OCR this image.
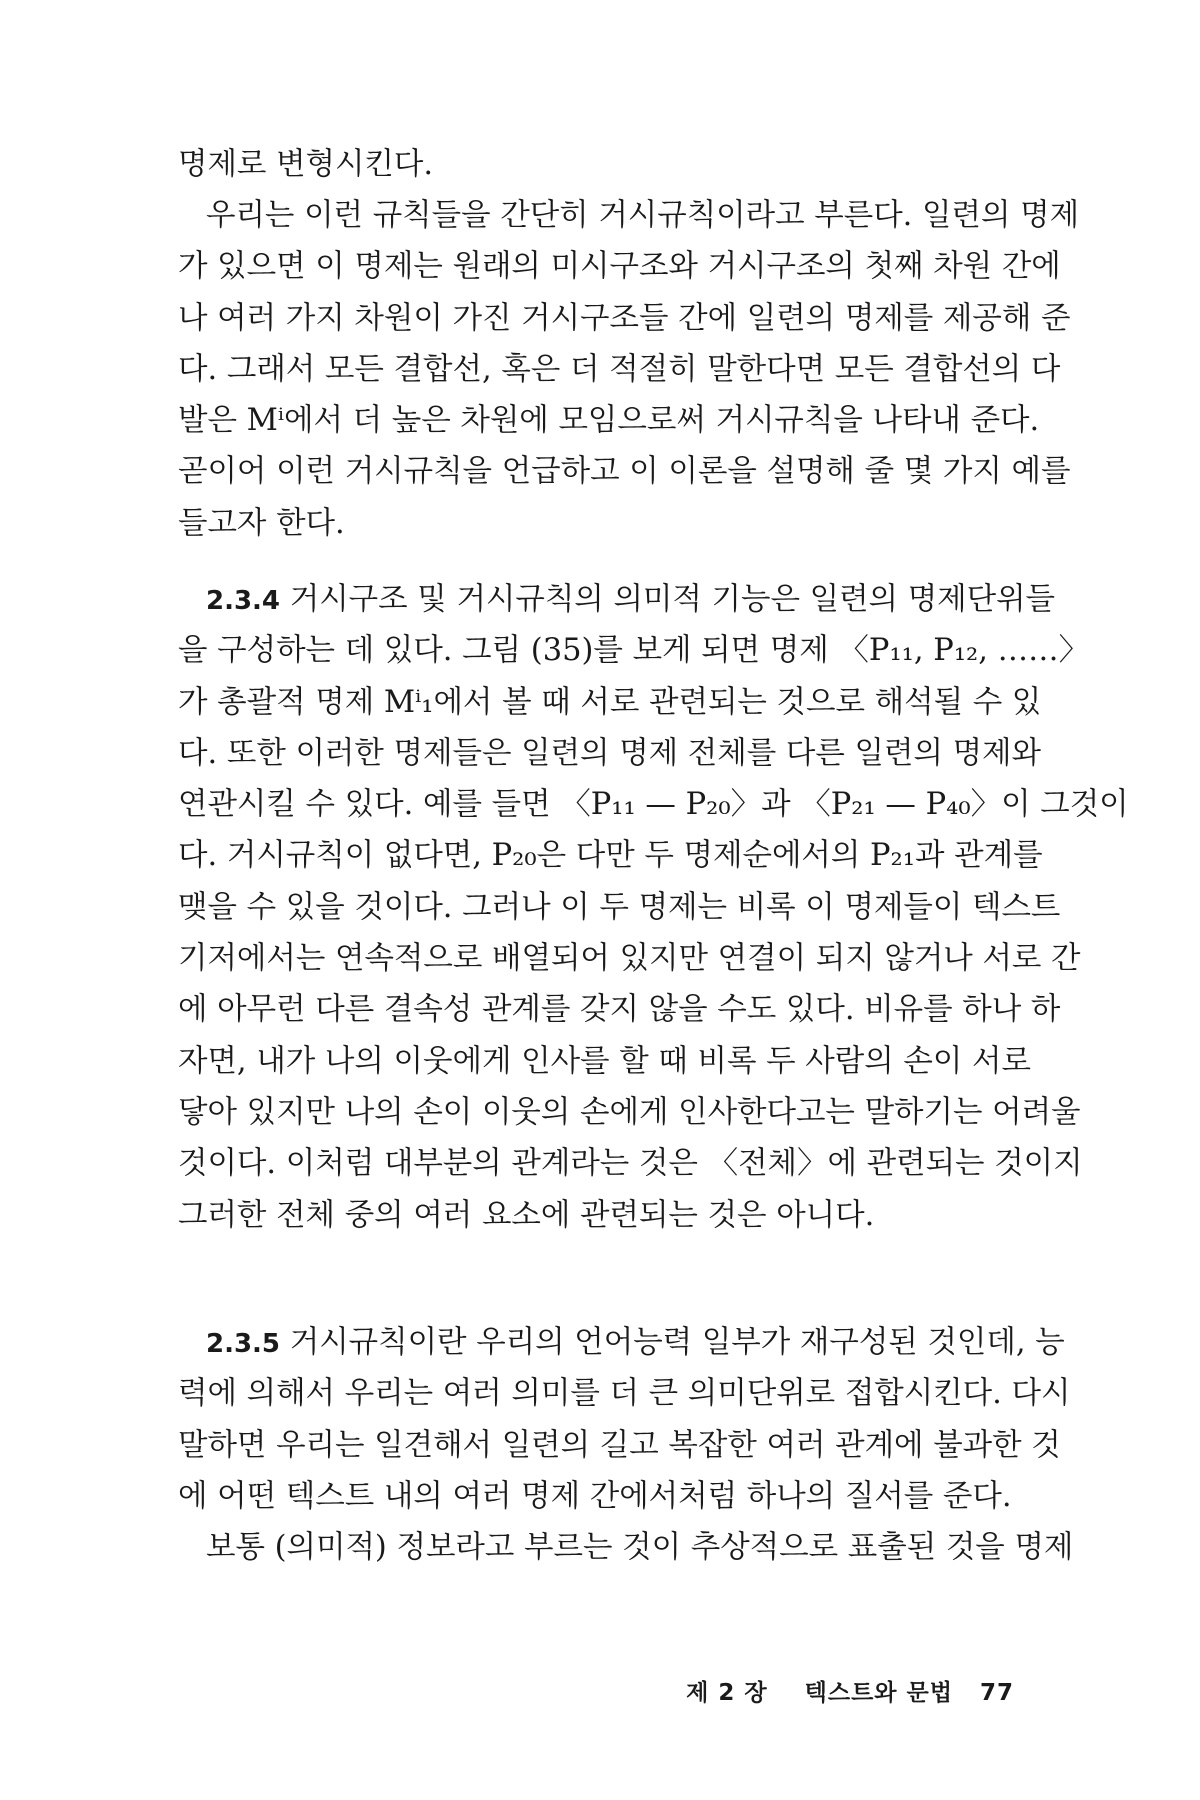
명제로 변형시킨다.
우리는 이런 규칙들을 간단히 거시규칙이라고 부른다. 일련의 명제
가 있으면 이 명제는 원래의 미시구조와 거시구조의 첫째 차원 간에
나 여러 가지 차원이 가진 거시구조들 간에 일련의 명제를 제공해 준
다. 그래서 모든 결합선, 혹은 더 적절히 말한다면 모든 결합선의 다
발은 Mⁱ에서 더 높은 차원에 모임으로써 거시규칙을 나타내 준다.
곧이어 이런 거시규칙을 언급하고 이 이론을 설명해 줄 몇 가지 예를
들고자 한다.
2.3.4 거시구조 및 거시규칙의 의미적 기능은 일련의 명제단위들
을 구성하는 데 있다. 그림 (35)를 보게 되면 명제 〈P₁₁, P₁₂, ……〉
가 총괄적 명제 Mⁱ₁에서 볼 때 서로 관련되는 것으로 해석될 수 있
다. 또한 이러한 명제들은 일련의 명제 전체를 다른 일련의 명제와
연관시킬 수 있다. 예를 들면 〈P₁₁ — P₂₀〉과 〈P₂₁ — P₄₀〉이 그것이
다. 거시규칙이 없다면, P₂₀은 다만 두 명제순에서의 P₂₁과 관계를
맺을 수 있을 것이다. 그러나 이 두 명제는 비록 이 명제들이 텍스트
기저에서는 연속적으로 배열되어 있지만 연결이 되지 않거나 서로 간
에 아무런 다른 결속성 관계를 갖지 않을 수도 있다. 비유를 하나 하
자면, 내가 나의 이웃에게 인사를 할 때 비록 두 사람의 손이 서로
닿아 있지만 나의 손이 이웃의 손에게 인사한다고는 말하기는 어려울
것이다. 이처럼 대부분의 관계라는 것은 〈전체〉에 관련되는 것이지
그러한 전체 중의 여러 요소에 관련되는 것은 아니다.
2.3.5 거시규칙이란 우리의 언어능력 일부가 재구성된 것인데, 능
력에 의해서 우리는 여러 의미를 더 큰 의미단위로 접합시킨다. 다시
말하면 우리는 일견해서 일련의 길고 복잡한 여러 관계에 불과한 것
에 어떤 텍스트 내의 여러 명제 간에서처럼 하나의 질서를 준다.
보통 (의미적) 정보라고 부르는 것이 추상적으로 표출된 것을 명제
제 2 장 텍스트와 문법 77
